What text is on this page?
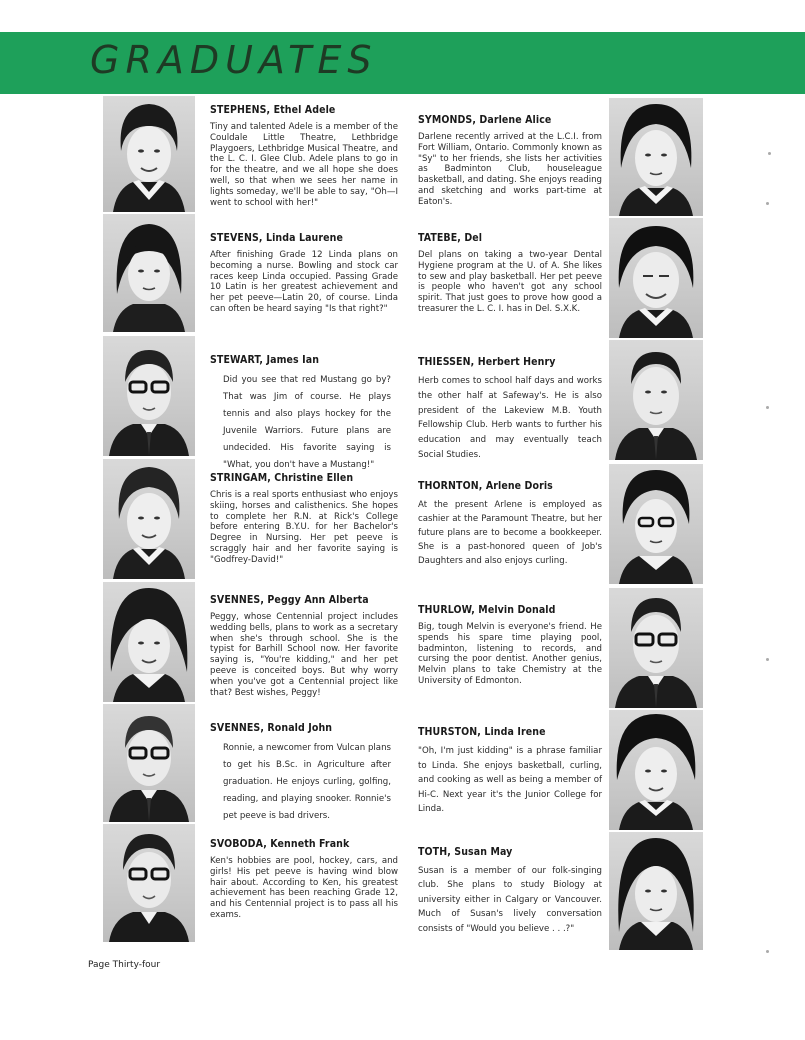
GRADUATES
STEPHENS, Ethel Adele

Tiny and talented Adele is a member of the Couldale Little Theatre, Lethbridge Playgoers, Lethbridge Musical Theatre, and the L. C. I. Glee Club. Adele plans to go in for the theatre, and we all hope she does well, so that when we sees her name in lights someday, we'll be able to say, "Oh—I went to school with her!"

STEVENS, Linda Laurene

After finishing Grade 12 Linda plans on becoming a nurse. Bowling and stock car races keep Linda occupied. Passing Grade 10 Latin is her greatest achievement and her pet peeve—Latin 20, of course. Linda can often be heard saying "Is that right?"

STEWART, James Ian

Did you see that red Mustang go by? That was Jim of course. He plays tennis and also plays hockey for the Juvenile Warriors. Future plans are undecided. His favorite saying is "What, you don't have a Mustang!"

STRINGAM, Christine Ellen

Chris is a real sports enthusiast who enjoys skiing, horses and calisthenics. She hopes to complete her R.N. at Rick's College before entering B.Y.U. for her Bachelor's Degree in Nursing. Her pet peeve is scraggly hair and her favorite saying is "Godfrey-David!"

SVENNES, Peggy Ann Alberta

Peggy, whose Centennial project includes wedding bells, plans to work as a secretary when she's through school. She is the typist for Barhill School now. Her favorite saying is, "You're kidding," and her pet peeve is conceited boys. But why worry when you've got a Centennial project like that? Best wishes, Peggy!

SVENNES, Ronald John

Ronnie, a newcomer from Vulcan plans to get his B.Sc. in Agriculture after graduation. He enjoys curling, golfing, reading, and playing snooker. Ronnie's pet peeve is bad drivers.

SVOBODA, Kenneth Frank

Ken's hobbies are pool, hockey, cars, and girls! His pet peeve is having wind blow hair about. According to Ken, his greatest achievement has been reaching Grade 12, and his Centennial project is to pass all his exams.

SYMONDS, Darlene Alice

Darlene recently arrived at the L.C.I. from Fort William, Ontario. Commonly known as "Sy" to her friends, she lists her activities as Badminton Club, houseleague basketball, and dating. She enjoys reading and sketching and works part-time at Eaton's.

TATEBE, Del

Del plans on taking a two-year Dental Hygiene program at the U. of A. She likes to sew and play basketball. Her pet peeve is people who haven't got any school spirit. That just goes to prove how good a treasurer the L. C. I. has in Del. S.X.K.

THIESSEN, Herbert Henry

Herb comes to school half days and works the other half at Safeway's. He is also president of the Lakeview M.B. Youth Fellowship Club. Herb wants to further his education and may eventually teach Social Studies.

THORNTON, Arlene Doris

At the present Arlene is employed as cashier at the Paramount Theatre, but her future plans are to become a bookkeeper. She is a past-honored queen of Job's Daughters and also enjoys curling.

THURLOW, Melvin Donald

Big, tough Melvin is everyone's friend. He spends his spare time playing pool, badminton, listening to records, and cursing the poor dentist. Another genius, Melvin plans to take Chemistry at the University of Edmonton.

THURSTON, Linda Irene

"Oh, I'm just kidding" is a phrase familiar to Linda. She enjoys basketball, curling, and cooking as well as being a member of Hi-C. Next year it's the Junior College for Linda.

TOTH, Susan May

Susan is a member of our folk-singing club. She plans to study Biology at university either in Calgary or Vancouver. Much of Susan's lively conversation consists of "Would you believe . . .?"

Page Thirty-four
